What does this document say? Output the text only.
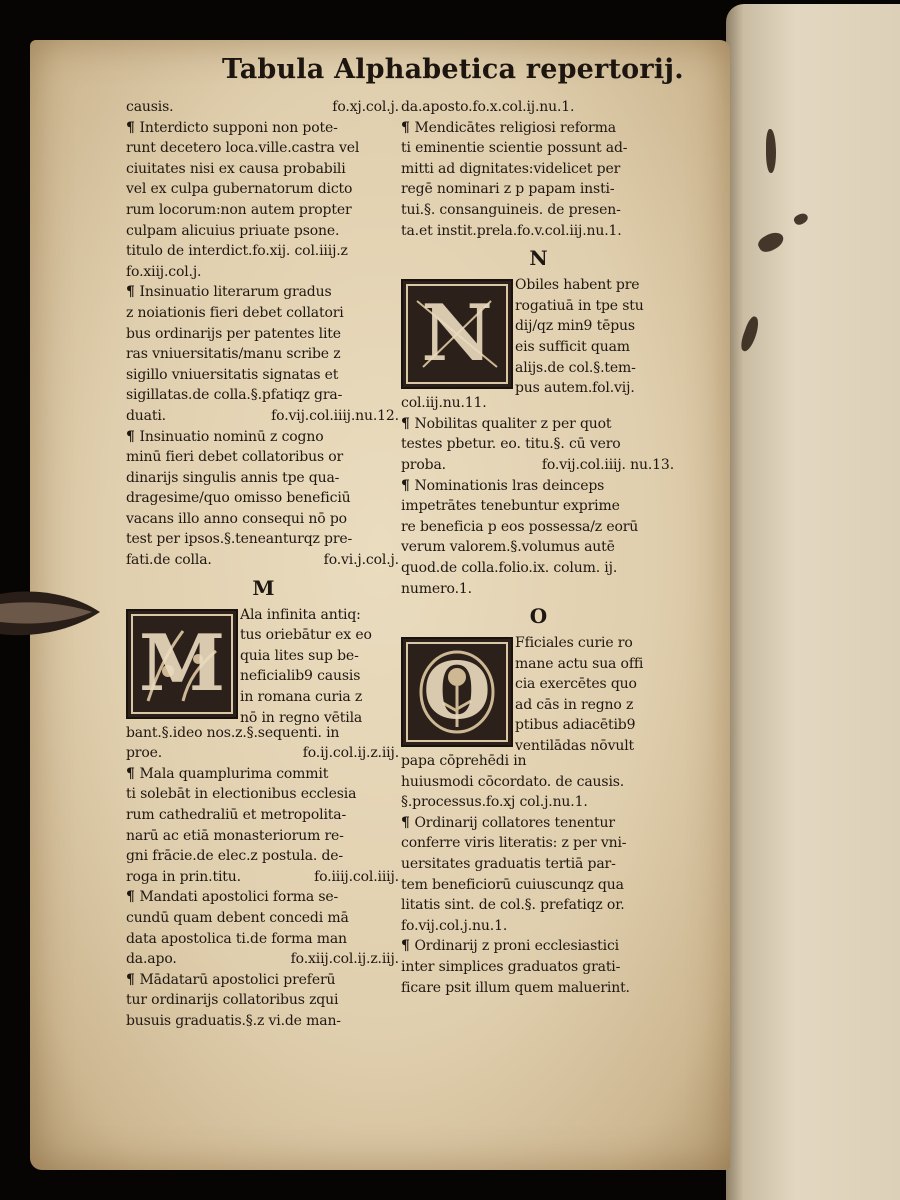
Tabula Alphabetica repertorij.
fo.xj.col.j.
causis.
¶ Interdicto supponi non pote-
runt decetero loca.ville.castra vel
ciuitates nisi ex causa probabili
vel ex culpa gubernatorum dicto
rum locorum:non autem propter
culpam alicuius priuate psone.
titulo de interdict.fo.xij. col.iiij.z
fo.xiij.col.j.
¶ Insinuatio literarum gradus
z noiationis fieri debet collatori
bus ordinarijs per patentes lite
ras vniuersitatis/manu scribe z
sigillo vniuersitatis signatas et
sigillatas.de colla.§.pfatiqz gra-
fo.vij.col.iiij.nu.12.
duati.
¶ Insinuatio nominū z cogno
minū fieri debet collatoribus or
dinarijs singulis annis tpe qua-
dragesime/quo omisso beneficiū
vacans illo anno consequi nō po
test per ipsos.§.teneanturqz pre-
fo.vi.j.col.j.
fati.de colla.
M
M
Ala infinita antiq:
tus oriebātur ex eo
quia lites sup be-
neficialib9 causis
in romana curia z
nō in regno vētila
bant.§.ideo nos.z.§.sequenti. in
fo.ij.col.ij.z.iij.
proe.
¶ Mala quamplurima commit
ti solebāt in electionibus ecclesia
rum cathedraliū et metropolita-
narū ac etiā monasteriorum re-
gni frācie.de elec.z postula. de-
fo.iiij.col.iiij.
roga in prin.titu.
¶ Mandati apostolici forma se-
cundū quam debent concedi mā
data apostolica ti.de forma man
fo.xiij.col.ij.z.iij.
da.apo.
¶ Mādatarū apostolici preferū
tur ordinarijs collatoribus zqui
busuis graduatis.§.z vi.de man-
da.aposto.fo.x.col.ij.nu.1.
¶ Mendicātes religiosi reforma
ti eminentie scientie possunt ad-
mitti ad dignitates:videlicet per
regē nominari z p papam insti-
tui.§. consanguineis. de presen-
ta.et instit.prela.fo.v.col.iij.nu.1.
N
N
Obiles habent pre
rogatiuā in tpe stu
dij/qz min9 tēpus
eis sufficit quam
alijs.de col.§.tem-
pus autem.fol.vij.
col.iij.nu.11.
¶ Nobilitas qualiter z per quot
testes pbetur. eo. titu.§. cū vero
fo.vij.col.iiij. nu.13.
proba.
¶ Nominationis lras deinceps
impetrātes tenebuntur exprime
re beneficia p eos possessa/z eorū
verum valorem.§.volumus autē
quod.de colla.folio.ix. colum. ij.
numero.1.
O
O
Fficiales curie ro
mane actu sua offi
cia exercētes quo
ad cās in regno z
ptibus adiacētib9
ventilādas nōvult
papa cōprehēdi in
huiusmodi cōcordato. de causis.
§.processus.fo.xj col.j.nu.1.
¶ Ordinarij collatores tenentur
conferre viris literatis: z per vni-
uersitates graduatis tertiā par-
tem beneficiorū cuiuscunqz qua
litatis sint. de col.§. prefatiqz or.
fo.vij.col.j.nu.1.
¶ Ordinarij z proni ecclesiastici
inter simplices graduatos grati-
ficare psit illum quem maluerint.
